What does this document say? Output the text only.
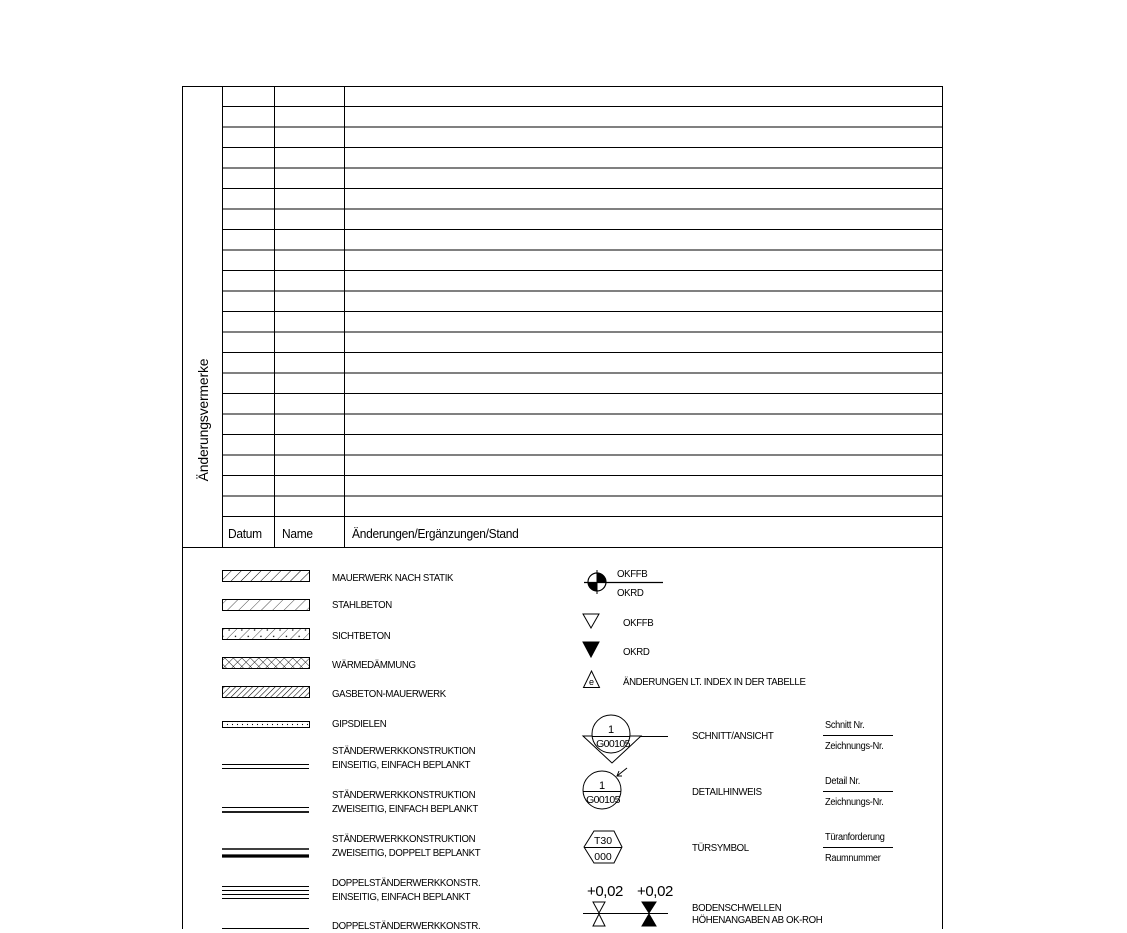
e
1
G00105
1
G00105
T30
000
Änderungsvermerke
Datum Name	Änderungen/Ergänzungen/Stand
MAUERWERK NACH STATIK
STAHLBETON
SICHTBETON
WÄRMEDÄMMUNG
GASBETON-MAUERWERK
GIPSDIELEN
STÄNDERWERKKONSTRUKTION
EINSEITIG, EINFACH BEPLANKT
STÄNDERWERKKONSTRUKTION
ZWEISEITIG, EINFACH BEPLANKT
STÄNDERWERKKONSTRUKTION
ZWEISEITIG, DOPPELT BEPLANKT
DOPPELSTÄNDERWERKKONSTR.
EINSEITIG, EINFACH BEPLANKT
DOPPELSTÄNDERWERKKONSTR.
OKFFB
OKRD
OKFFB
OKRD
ÄNDERUNGEN LT. INDEX IN DER TABELLE
SCHNITT/ANSICHT
Schnitt Nr.
Zeichnungs-Nr.
DETAILHINWEIS
Detail Nr.
Zeichnungs-Nr.
TÜRSYMBOL
Türanforderung
Raumnummer
+0,02 +0,02
BODENSCHWELLEN
HÖHENANGABEN AB OK-ROH
